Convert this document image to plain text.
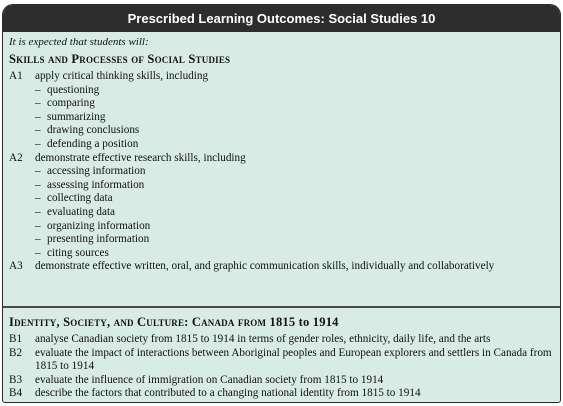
Prescribed Learning Outcomes: Social Studies 10
It is expected that students will:
Skills and Processes of Social Studies
A1	apply critical thinking skills, including
– questioning
– comparing
– summarizing
– drawing conclusions
– defending a position
A2	demonstrate effective research skills, including
– accessing information
– assessing information
– collecting data
– evaluating data
– organizing information
– presenting information
– citing sources
A3	demonstrate effective written, oral, and graphic communication skills, individually and collaboratively
Identity, Society, and Culture: Canada from 1815 to 1914
B1	analyse Canadian society from 1815 to 1914 in terms of gender roles, ethnicity, daily life, and the arts
B2	evaluate the impact of interactions between Aboriginal peoples and European explorers and settlers in Canada from 1815 to 1914
B3	evaluate the influence of immigration on Canadian society from 1815 to 1914
B4	describe the factors that contributed to a changing national identity from 1815 to 1914
